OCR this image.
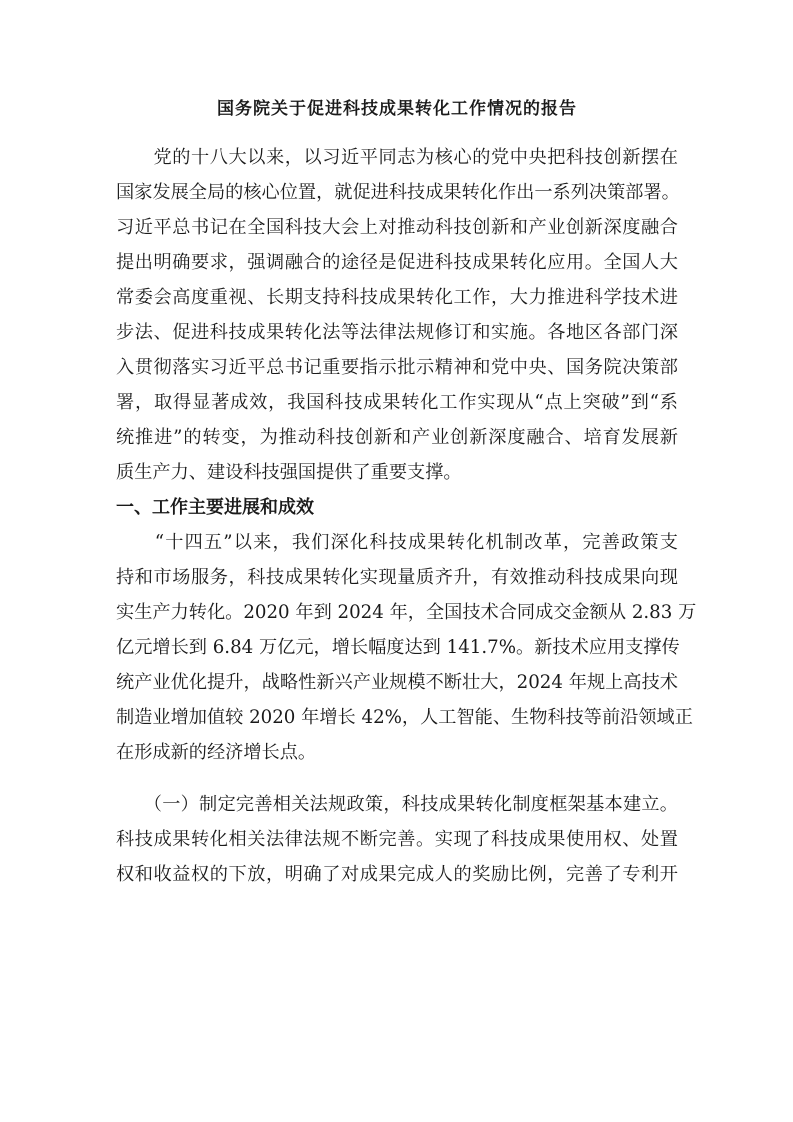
国务院关于促进科技成果转化工作情况的报告
　　党的十八大以来，以习近平同志为核心的党中央把科技创新摆在
国家发展全局的核心位置，就促进科技成果转化作出一系列决策部署。
习近平总书记在全国科技大会上对推动科技创新和产业创新深度融合
提出明确要求，强调融合的途径是促进科技成果转化应用。全国人大
常委会高度重视、长期支持科技成果转化工作，大力推进科学技术进
步法、促进科技成果转化法等法律法规修订和实施。各地区各部门深
入贯彻落实习近平总书记重要指示批示精神和党中央、国务院决策部
署，取得显著成效，我国科技成果转化工作实现从“点上突破”到“系
统推进”的转变，为推动科技创新和产业创新深度融合、培育发展新
质生产力、建设科技强国提供了重要支撑。
一、工作主要进展和成效
　　“十四五”以来，我们深化科技成果转化机制改革，完善政策支
持和市场服务，科技成果转化实现量质齐升，有效推动科技成果向现
实生产力转化。2020 年到 2024 年，全国技术合同成交金额从 2.83 万
亿元增长到 6.84 万亿元，增长幅度达到 141.7%。新技术应用支撑传
统产业优化提升，战略性新兴产业规模不断壮大，2024 年规上高技术
制造业增加值较 2020 年增长 42%，人工智能、生物科技等前沿领域正
在形成新的经济增长点。
　　（一）制定完善相关法规政策，科技成果转化制度框架基本建立。
科技成果转化相关法律法规不断完善。实现了科技成果使用权、处置
权和收益权的下放，明确了对成果完成人的奖励比例，完善了专利开
